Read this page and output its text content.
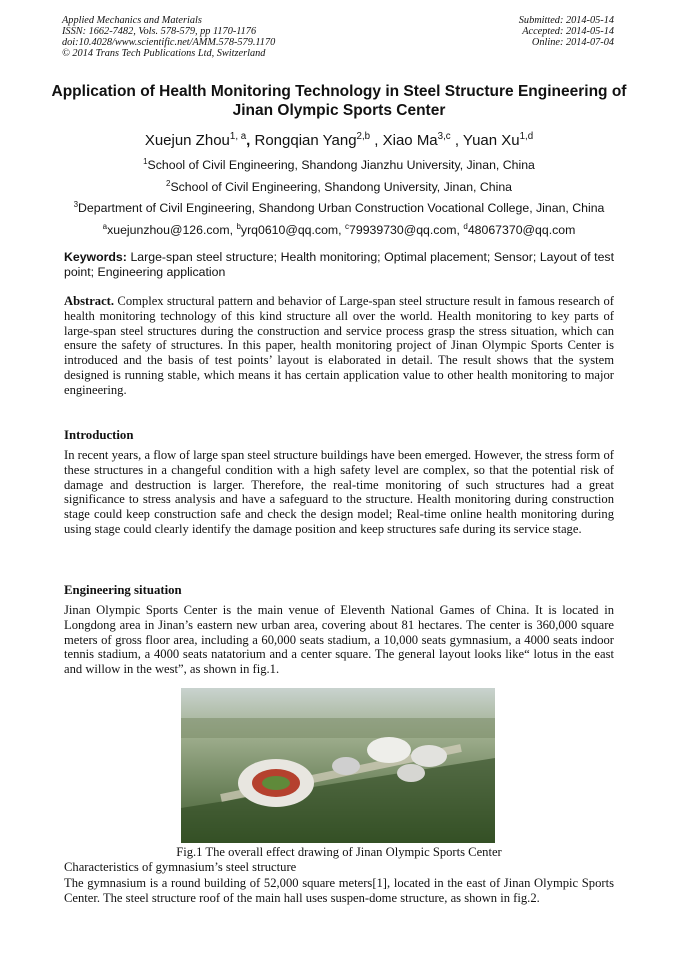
Applied Mechanics and Materials
ISSN: 1662-7482, Vols. 578-579, pp 1170-1176
doi:10.4028/www.scientific.net/AMM.578-579.1170
© 2014 Trans Tech Publications Ltd, Switzerland
Submitted: 2014-05-14
Accepted: 2014-05-14
Online: 2014-07-04
Application of Health Monitoring Technology in Steel Structure Engineering of Jinan Olympic Sports Center
Xuejun Zhou$^{1, a}$, Rongqian Yang$^{2,b}$ , Xiao Ma$^{3,c}$ , Yuan Xu$^{1,d}$
$^1$School of Civil Engineering, Shandong Jianzhu University, Jinan, China
$^2$School of Civil Engineering, Shandong University, Jinan, China
$^3$Department of Civil Engineering, Shandong Urban Construction Vocational College, Jinan, China
$^a$xuejunzhou@126.com, $^b$yrq0610@qq.com, $^c$79939730@qq.com, $^d$48067370@qq.com
Keywords: Large-span steel structure; Health monitoring; Optimal placement; Sensor; Layout of test point; Engineering application
Abstract. Complex structural pattern and behavior of Large-span steel structure result in famous research of health monitoring technology of this kind structure all over the world. Health monitoring to key parts of large-span steel structures during the construction and service process grasp the stress situation, which can ensure the safety of structures. In this paper, health monitoring project of Jinan Olympic Sports Center is introduced and the basis of test points’ layout is elaborated in detail. The result shows that the system designed is running stable, which means it has certain application value to other health monitoring to major engineering.
Introduction
In recent years, a flow of large span steel structure buildings have been emerged. However, the stress form of these structures in a changeful condition with a high safety level are complex, so that the potential risk of damage and destruction is larger. Therefore, the real-time monitoring of such structures had a great significance to stress analysis and have a safeguard to the structure. Health monitoring during construction stage could keep construction safe and check the design model; Real-time online health monitoring during using stage could clearly identify the damage position and keep structures safe during its service stage.
Engineering situation
Jinan Olympic Sports Center is the main venue of Eleventh National Games of China. It is located in Longdong area in Jinan’s eastern new urban area, covering about 81 hectares. The center is 360,000 square meters of gross floor area, including a 60,000 seats stadium, a 10,000 seats gymnasium, a 4000 seats indoor tennis stadium, a 4000 seats natatorium and a center square. The general layout looks like“ lotus in the east and willow in the west”, as shown in fig.1.
Fig.1 The overall effect drawing of Jinan Olympic Sports Center
Characteristics of gymnasium’s steel structure
The gymnasium is a round building of 52,000 square meters[1], located in the east of Jinan Olympic Sports Center. The steel structure roof of the main hall uses suspen-dome structure, as shown in fig.2.
